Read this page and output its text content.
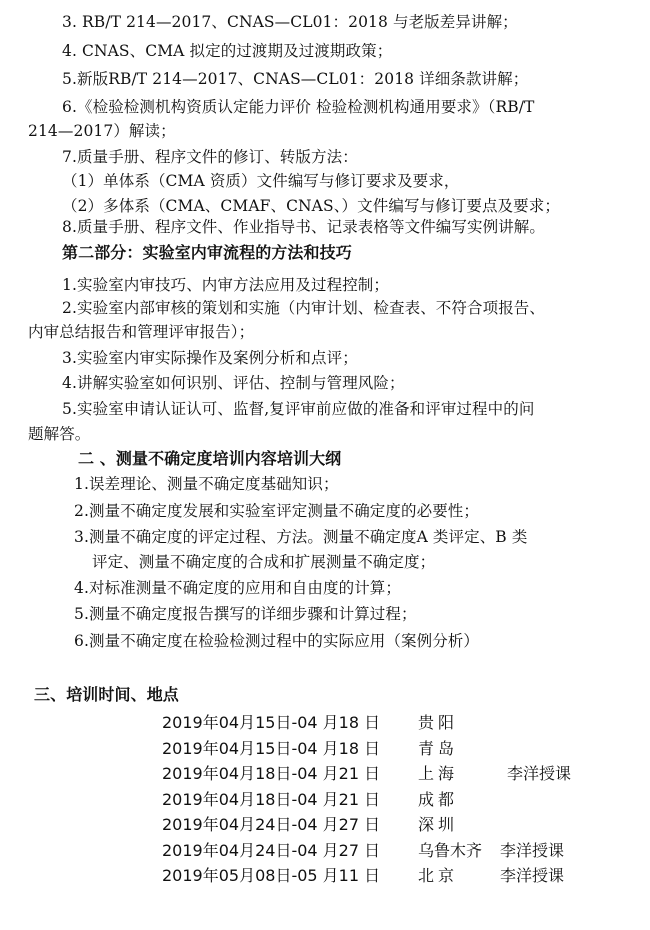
3. RB/T 214—2017、CNAS—CL01：2018 与老版差异讲解；
4. CNAS、CMA 拟定的过渡期及过渡期政策；
5.新版RB/T 214—2017、CNAS—CL01：2018 详细条款讲解；
6.《检验检测机构资质认定能力评价 检验检测机构通用要求》（RB/T
214—2017）解读；
7.质量手册、程序文件的修订、转版方法：
（1）单体系（CMA 资质）文件编写与修订要求及要求，
（2）多体系（CMA、CMAF、CNAS、）文件编写与修订要点及要求；
8.质量手册、程序文件、作业指导书、记录表格等文件编写实例讲解。
第二部分：实验室内审流程的方法和技巧
1.实验室内审技巧、内审方法应用及过程控制；
2.实验室内部审核的策划和实施（内审计划、检查表、不符合项报告、
内审总结报告和管理评审报告）；
3.实验室内审实际操作及案例分析和点评；
4.讲解实验室如何识别、评估、控制与管理风险；
5.实验室申请认证认可、监督,复评审前应做的准备和评审过程中的问
题解答。
二 、测量不确定度培训内容培训大纲
1.误差理论、测量不确定度基础知识；
2.测量不确定度发展和实验室评定测量不确定度的必要性；
3.测量不确定度的评定过程、方法。测量不确定度A 类评定、B 类
评定、测量不确定度的合成和扩展测量不确定度；
4.对标准测量不确定度的应用和自由度的计算；
5.测量不确定度报告撰写的详细步骤和计算过程；
6.测量不确定度在检验检测过程中的实际应用（案例分析）
三、培训时间、地点
2019年04月15日-04 月18 日 贵阳
2019年04月15日-04 月18 日 青岛
2019年04月18日-04 月21 日 上海	李洋授课
2019年04月18日-04 月21 日 成都
2019年04月24日-04 月27 日 深圳
2019年04月24日-04 月27 日 乌鲁木齐 李洋授课
2019年05月08日-05 月11 日 北京	李洋授课
